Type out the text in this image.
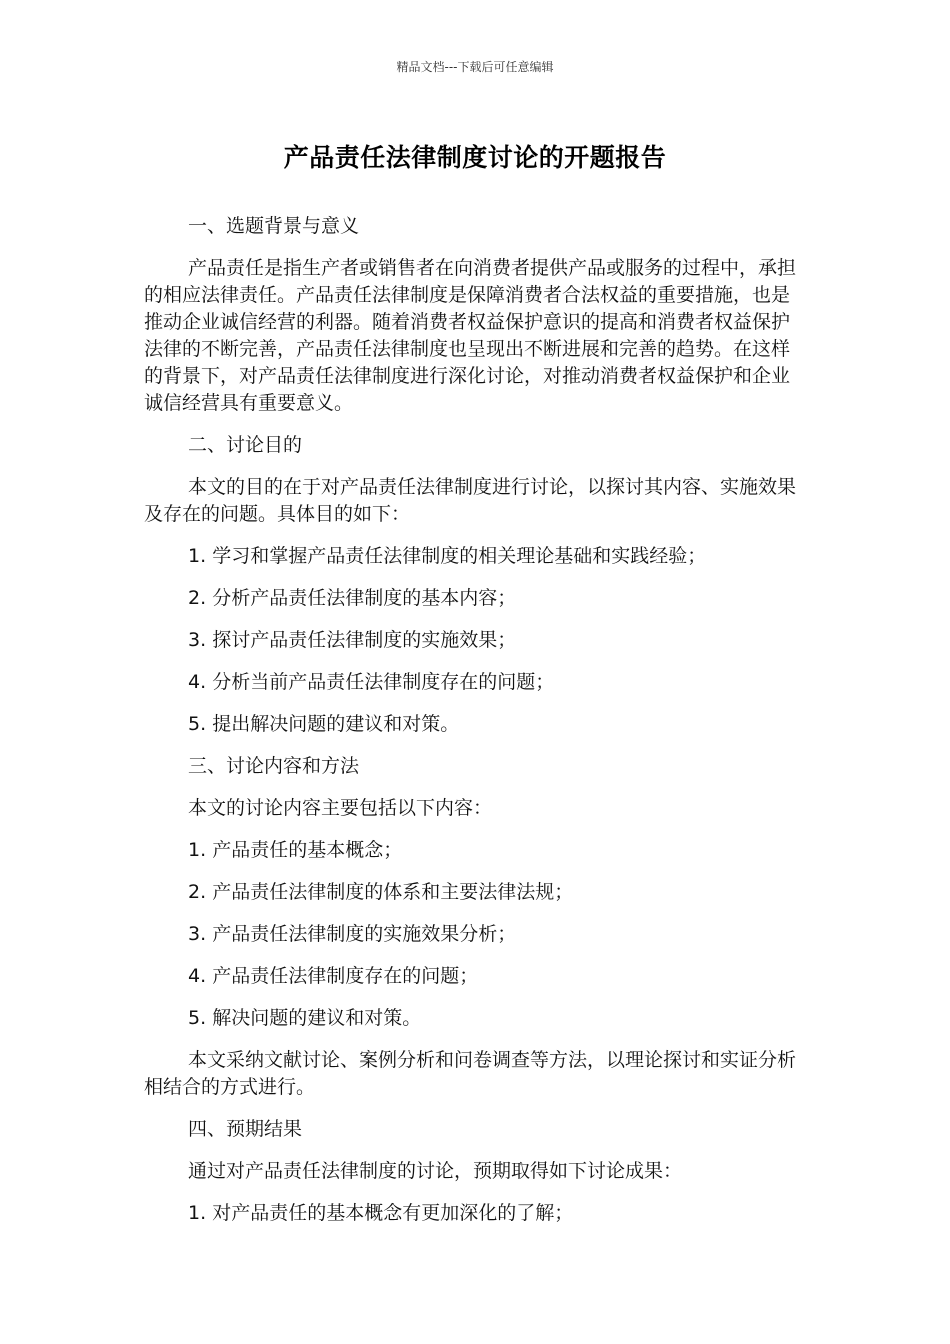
精品文档---下载后可任意编辑
产品责任法律制度讨论的开题报告
一、选题背景与意义
产品责任是指生产者或销售者在向消费者提供产品或服务的过程中，承担的相应法律责任。产品责任法律制度是保障消费者合法权益的重要措施，也是推动企业诚信经营的利器。随着消费者权益保护意识的提高和消费者权益保护法律的不断完善，产品责任法律制度也呈现出不断进展和完善的趋势。在这样的背景下，对产品责任法律制度进行深化讨论，对推动消费者权益保护和企业诚信经营具有重要意义。
二、讨论目的
本文的目的在于对产品责任法律制度进行讨论，以探讨其内容、实施效果及存在的问题。具体目的如下：
1. 学习和掌握产品责任法律制度的相关理论基础和实践经验；
2. 分析产品责任法律制度的基本内容；
3. 探讨产品责任法律制度的实施效果；
4. 分析当前产品责任法律制度存在的问题；
5. 提出解决问题的建议和对策。
三、讨论内容和方法
本文的讨论内容主要包括以下内容：
1. 产品责任的基本概念；
2. 产品责任法律制度的体系和主要法律法规；
3. 产品责任法律制度的实施效果分析；
4. 产品责任法律制度存在的问题；
5. 解决问题的建议和对策。
本文采纳文献讨论、案例分析和问卷调查等方法，以理论探讨和实证分析相结合的方式进行。
四、预期结果
通过对产品责任法律制度的讨论，预期取得如下讨论成果：
1. 对产品责任的基本概念有更加深化的了解；
